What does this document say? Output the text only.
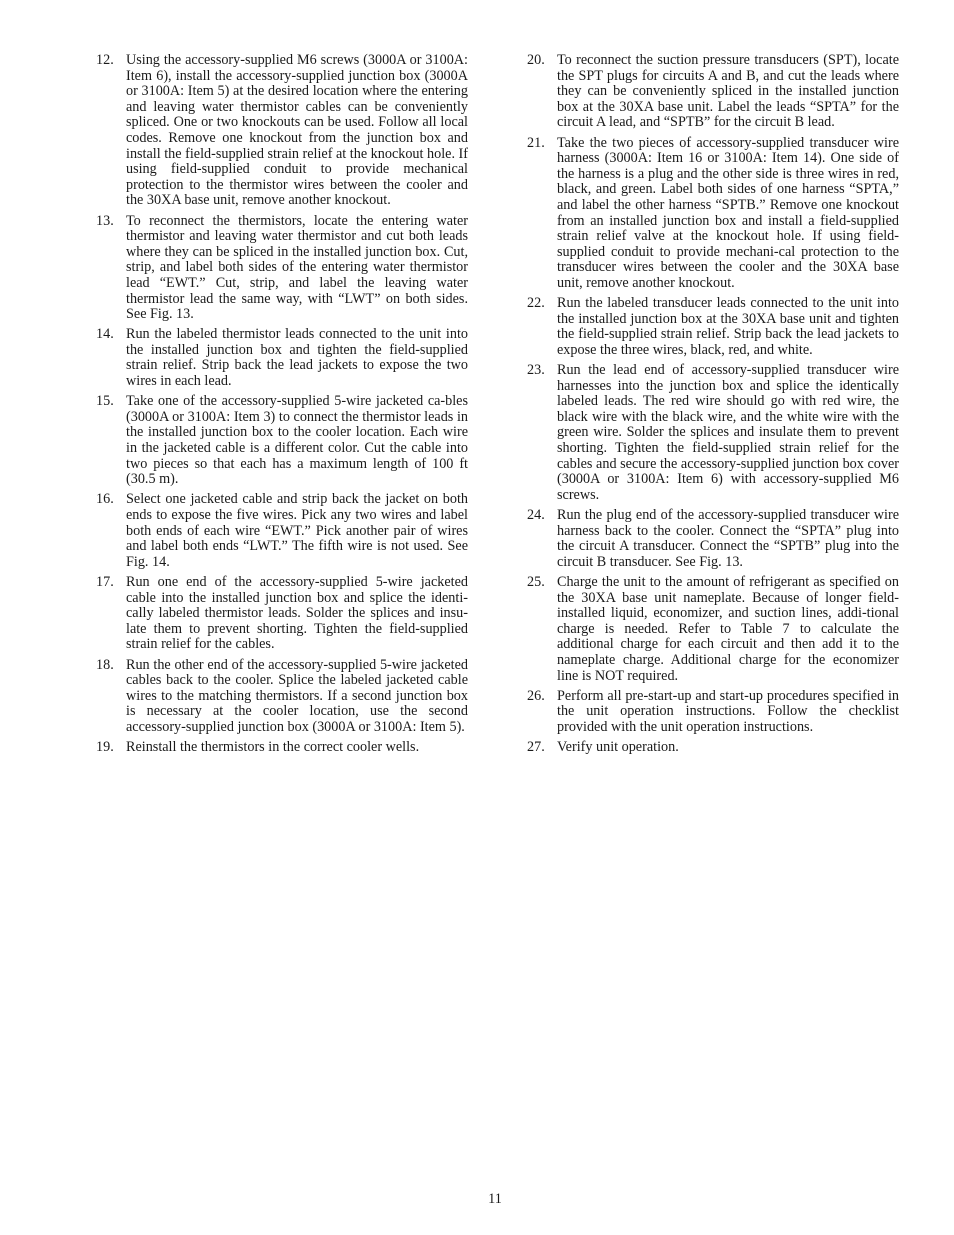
12. Using the accessory-supplied M6 screws (3000A or 3100A: Item 6), install the accessory-supplied junction box (3000A or 3100A: Item 5) at the desired location where the entering and leaving water thermistor cables can be conveniently spliced. One or two knockouts can be used. Follow all local codes. Remove one knockout from the junction box and install the field-supplied strain relief at the knockout hole. If using field-supplied conduit to provide mechanical protection to the thermistor wires between the cooler and the 30XA base unit, remove another knockout.
13. To reconnect the thermistors, locate the entering water thermistor and leaving water thermistor and cut both leads where they can be spliced in the installed junction box. Cut, strip, and label both sides of the entering water thermistor lead “EWT.” Cut, strip, and label the leaving water thermistor lead the same way, with “LWT” on both sides. See Fig. 13.
14. Run the labeled thermistor leads connected to the unit into the installed junction box and tighten the field-supplied strain relief. Strip back the lead jackets to expose the two wires in each lead.
15. Take one of the accessory-supplied 5-wire jacketed ca-bles (3000A or 3100A: Item 3) to connect the thermistor leads in the installed junction box to the cooler location. Each wire in the jacketed cable is a different color. Cut the cable into two pieces so that each has a maximum length of 100 ft (30.5 m).
16. Select one jacketed cable and strip back the jacket on both ends to expose the five wires. Pick any two wires and label both ends of each wire “EWT.” Pick another pair of wires and label both ends “LWT.” The fifth wire is not used. See Fig. 14.
17. Run one end of the accessory-supplied 5-wire jacketed cable into the installed junction box and splice the identi-cally labeled thermistor leads. Solder the splices and insu-late them to prevent shorting. Tighten the field-supplied strain relief for the cables.
18. Run the other end of the accessory-supplied 5-wire jacketed cables back to the cooler. Splice the labeled jacketed cable wires to the matching thermistors. If a second junction box is necessary at the cooler location, use the second accessory-supplied junction box (3000A or 3100A: Item 5).
19. Reinstall the thermistors in the correct cooler wells.
20. To reconnect the suction pressure transducers (SPT), locate the SPT plugs for circuits A and B, and cut the leads where they can be conveniently spliced in the installed junction box at the 30XA base unit. Label the leads “SPTA” for the circuit A lead, and “SPTB” for the circuit B lead.
21. Take the two pieces of accessory-supplied transducer wire harness (3000A: Item 16 or 3100A: Item 14). One side of the harness is a plug and the other side is three wires in red, black, and green. Label both sides of one harness “SPTA,” and label the other harness “SPTB.” Remove one knockout from an installed junction box and install a field-supplied strain relief valve at the knockout hole. If using field-supplied conduit to provide mechani-cal protection to the transducer wires between the cooler and the 30XA base unit, remove another knockout.
22. Run the labeled transducer leads connected to the unit into the installed junction box at the 30XA base unit and tighten the field-supplied strain relief. Strip back the lead jackets to expose the three wires, black, red, and white.
23. Run the lead end of accessory-supplied transducer wire harnesses into the junction box and splice the identically labeled leads. The red wire should go with red wire, the black wire with the black wire, and the white wire with the green wire. Solder the splices and insulate them to prevent shorting. Tighten the field-supplied strain relief for the cables and secure the accessory-supplied junction box cover (3000A or 3100A: Item 6) with accessory-supplied M6 screws.
24. Run the plug end of the accessory-supplied transducer wire harness back to the cooler. Connect the “SPTA” plug into the circuit A transducer. Connect the “SPTB” plug into the circuit B transducer. See Fig. 13.
25. Charge the unit to the amount of refrigerant as specified on the 30XA base unit nameplate. Because of longer field-installed liquid, economizer, and suction lines, addi-tional charge is needed. Refer to Table 7 to calculate the additional charge for each circuit and then add it to the nameplate charge. Additional charge for the economizer line is NOT required.
26. Perform all pre-start-up and start-up procedures specified in the unit operation instructions. Follow the checklist provided with the unit operation instructions.
27. Verify unit operation.
11
